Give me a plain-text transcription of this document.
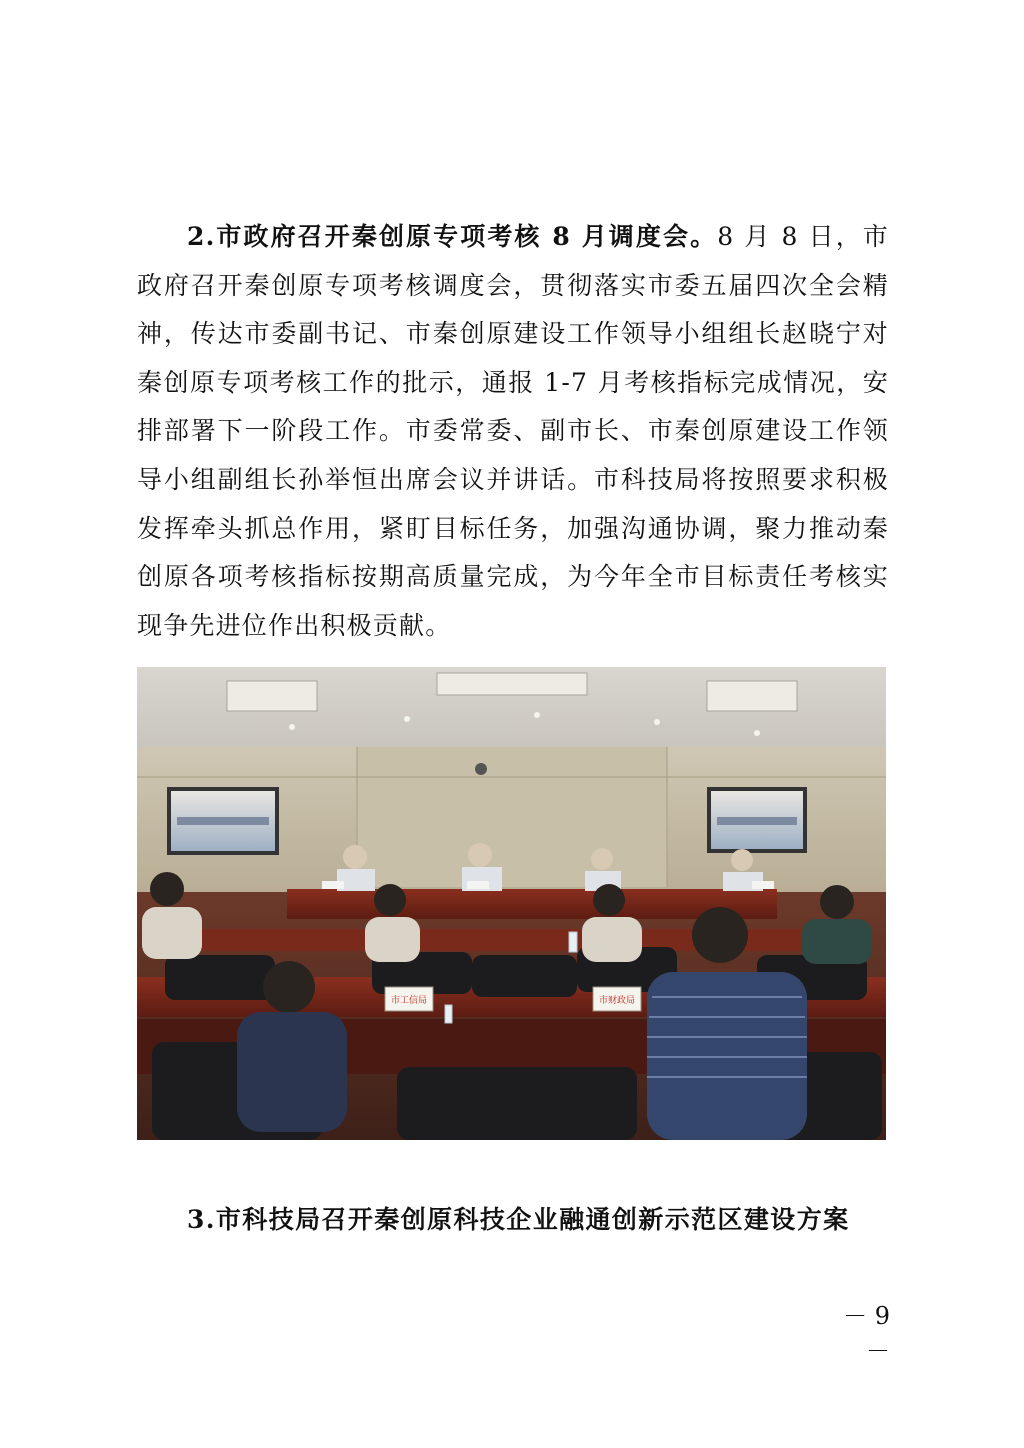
2.市政府召开秦创原专项考核 8 月调度会。8 月 8 日，市政府召开秦创原专项考核调度会，贯彻落实市委五届四次全会精神，传达市委副书记、市秦创原建设工作领导小组组长赵晓宁对秦创原专项考核工作的批示，通报 1-7 月考核指标完成情况，安排部署下一阶段工作。市委常委、副市长、市秦创原建设工作领导小组副组长孙举恒出席会议并讲话。市科技局将按照要求积极发挥牵头抓总作用，紧盯目标任务，加强沟通协调，聚力推动秦创原各项考核指标按期高质量完成，为今年全市目标责任考核实现争先进位作出积极贡献。

市工信局	市财政局
3.市科技局召开秦创原科技企业融通创新示范区建设方案
－ 9 －
